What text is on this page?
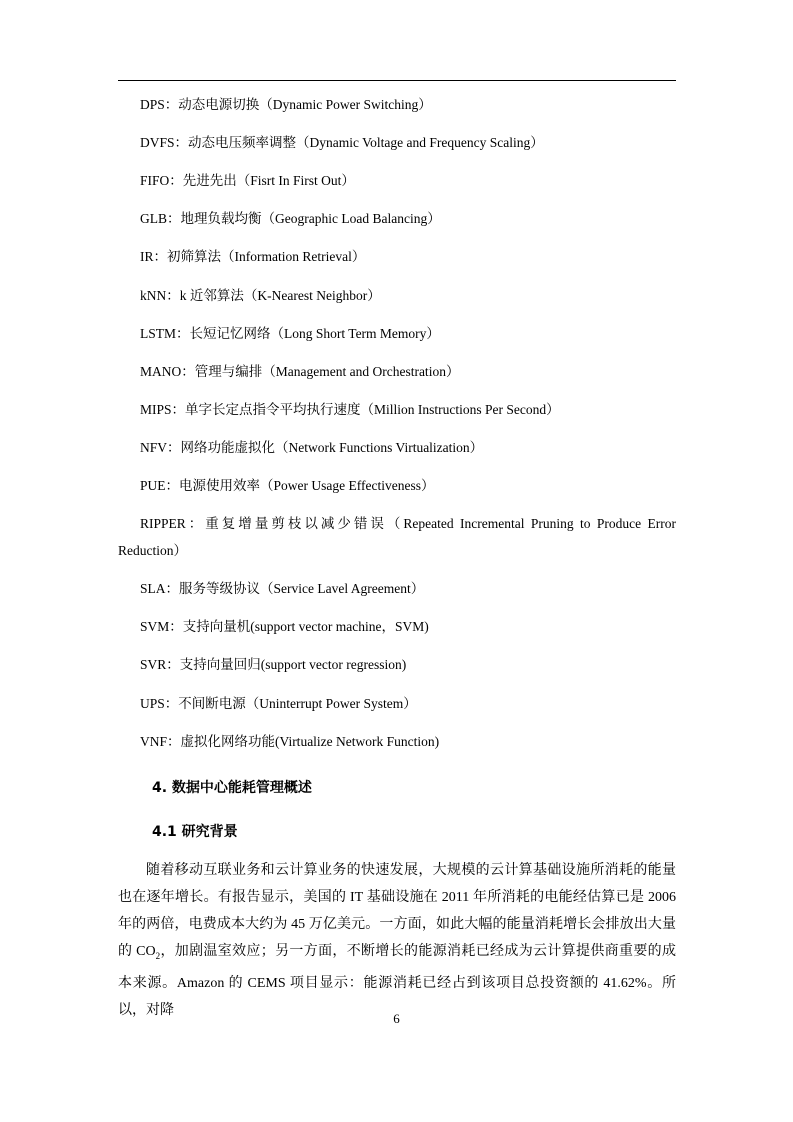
DPS：动态电源切换（Dynamic Power Switching）
DVFS：动态电压频率调整（Dynamic Voltage and Frequency Scaling）
FIFO：先进先出（Fisrt In First Out）
GLB：地理负载均衡（Geographic Load Balancing）
IR：初筛算法（Information Retrieval）
kNN：k 近邻算法（K-Nearest Neighbor）
LSTM：长短记忆网络（Long Short Term Memory）
MANO：管理与编排（Management and Orchestration）
MIPS：单字长定点指令平均执行速度（Million Instructions Per Second）
NFV：网络功能虚拟化（Network Functions Virtualization）
PUE：电源使用效率（Power Usage Effectiveness）
RIPPER：重复增量剪枝以减少错误（Repeated Incremental Pruning to Produce Error Reduction）
SLA：服务等级协议（Service Lavel Agreement）
SVM：支持向量机(support vector machine，SVM)
SVR：支持向量回归(support vector regression)
UPS：不间断电源（Uninterrupt Power System）
VNF：虚拟化网络功能(Virtualize Network Function)
4. 数据中心能耗管理概述
4.1 研究背景
随着移动互联业务和云计算业务的快速发展，大规模的云计算基础设施所消耗的能量也在逐年增长。有报告显示，美国的 IT 基础设施在 2011 年所消耗的电能经估算已是 2006 年的两倍，电费成本大约为 45 万亿美元。一方面，如此大幅的能量消耗增长会排放出大量的 $CO_2$，加剧温室效应；另一方面，不断增长的能源消耗已经成为云计算提供商重要的成本来源。Amazon 的 CEMS 项目显示：能源消耗已经占到该项目总投资额的 41.62%。所以，对降
6
